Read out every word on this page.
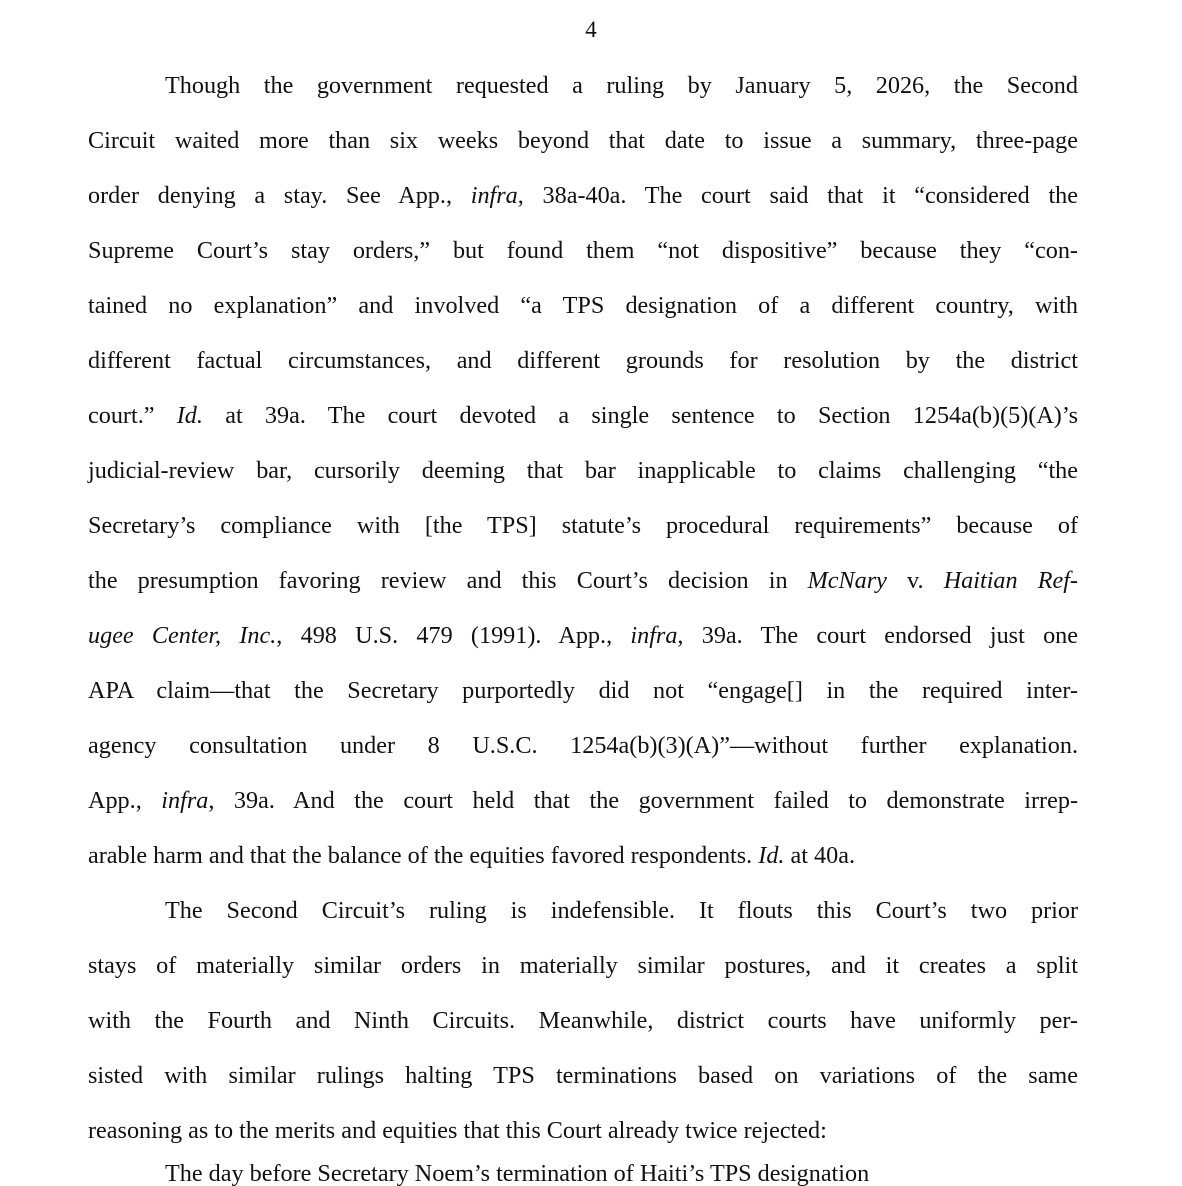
4
Though the government requested a ruling by January 5, 2026, the Second
Circuit waited more than six weeks beyond that date to issue a summary, three-page
order denying a stay. See App., infra, 38a-40a. The court said that it “considered the
Supreme Court’s stay orders,” but found them “not dispositive” because they “con-
tained no explanation” and involved “a TPS designation of a different country, with
different factual circumstances, and different grounds for resolution by the district
court.” Id. at 39a. The court devoted a single sentence to Section 1254a(b)(5)(A)’s
judicial-review bar, cursorily deeming that bar inapplicable to claims challenging “the
Secretary’s compliance with [the TPS] statute’s procedural requirements” because of
the presumption favoring review and this Court’s decision in McNary v. Haitian Ref-
ugee Center, Inc., 498 U.S. 479 (1991). App., infra, 39a. The court endorsed just one
APA claim—that the Secretary purportedly did not “engage[] in the required inter-
agency consultation under 8 U.S.C. 1254a(b)(3)(A)”—without further explanation.
App., infra, 39a. And the court held that the government failed to demonstrate irrep-
arable harm and that the balance of the equities favored respondents. Id. at 40a.
The Second Circuit’s ruling is indefensible. It flouts this Court’s two prior
stays of materially similar orders in materially similar postures, and it creates a split
with the Fourth and Ninth Circuits. Meanwhile, district courts have uniformly per-
sisted with similar rulings halting TPS terminations based on variations of the same
reasoning as to the merits and equities that this Court already twice rejected:
The day before Secretary Noem’s termination of Haiti’s TPS designation
